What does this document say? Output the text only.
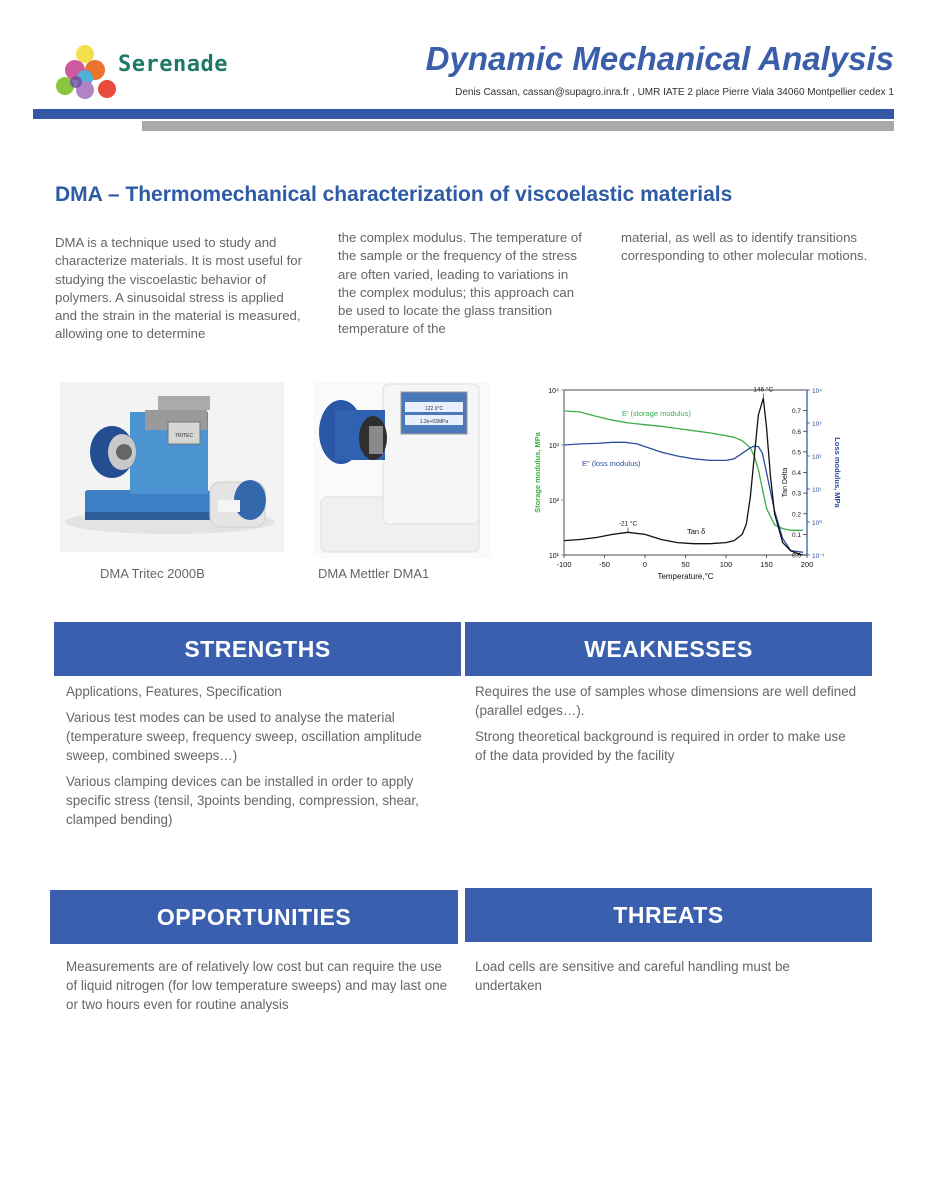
Serenade	Dynamic Mechanical Analysis
Denis Cassan, cassan@supagro.inra.fr , UMR IATE 2 place Pierre Viala 34060 Montpellier cedex 1
DMA – Thermomechanical characterization of viscoelastic materials
DMA is a technique used to study and characterize materials. It is most useful for studying the viscoelastic behavior of polymers. A sinusoidal stress is applied and the strain in the material is measured, allowing one to determine
the complex modulus. The temperature of the sample or the frequency of the stress are often varied, leading to variations in the complex modulus; this approach can be used to locate the glass transition temperature of the
material, as well as to identify transitions corresponding to other molecular motions.
TRITEC
DMA Tritec 2000B
122.9°C
1.3e+03MPa
DMA Mettler DMA1
-100	-50	0	50	100	150	200
Temperature,°C
10¹
10²
10³
10⁴
Storage modulus, MPa
0.0
0.1
0.2
0.3
0.4
0.5
0.6
0.7
Tan Delta
10⁻¹
10⁰
10¹
10²
10³
10⁴
Loss modulus, MPa
E' (storage modulus)
E" (loss modulus)
Tan δ
146 °C
-21 °C
STRENGTHS	WEAKNESSES

Applications, Features, Specification

Various test modes can be used to analyse the material (temperature sweep, frequency sweep, oscillation amplitude sweep, combined sweeps…)

Various clamping devices can be installed in order to apply specific stress (tensil, 3points bending, compression, shear, clamped bending)

Requires the use of samples whose dimensions are well defined (parallel edges…).

Strong theoretical background is required in order to make use of the data provided by the facility

OPPORTUNITIES	THREATS

Measurements are of relatively low cost but can require the use of liquid nitrogen (for low temperature sweeps) and may last one or two hours even for routine analysis

Load cells are sensitive and careful handling must be undertaken
